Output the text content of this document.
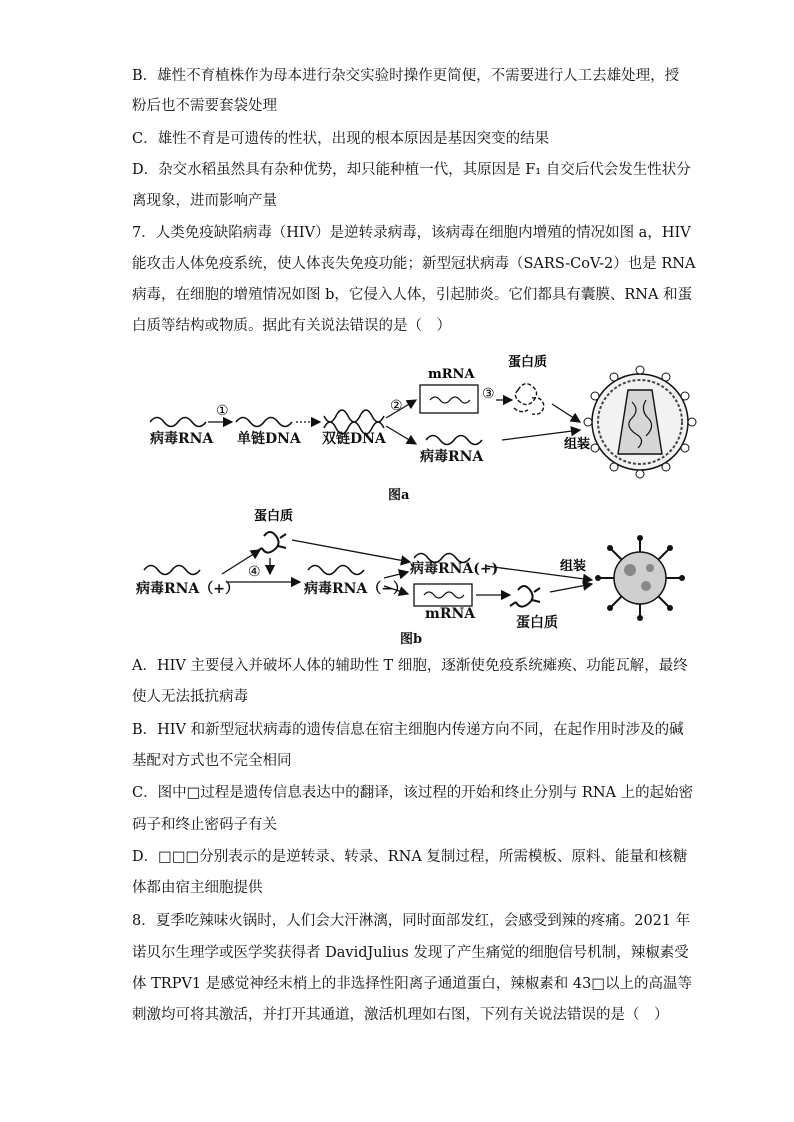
B．雄性不育植株作为母本进行杂交实验时操作更简便，不需要进行人工去雄处理，授
粉后也不需要套袋处理
C．雄性不育是可遗传的性状，出现的根本原因是基因突变的结果
D．杂交水稻虽然具有杂种优势，却只能种植一代，其原因是 F₁ 自交后代会发生性状分
离现象，进而影响产量
7．人类免疫缺陷病毒（HIV）是逆转录病毒，该病毒在细胞内增殖的情况如图 a，HIV
能攻击人体免疫系统，使人体丧失免疫功能；新型冠状病毒（SARS-CoV-2）也是 RNA
病毒，在细胞的增殖情况如图 b，它侵入人体，引起肺炎。它们都具有囊膜、RNA 和蛋
白质等结构或物质。据此有关说法错误的是（　）
①	②
mRNA
③
蛋白质
组装
病毒RNA 单链DNA 双链DNA
病毒RNA
图a
蛋白质
④	组装
病毒RNA（+）	病毒RNA（−）
病毒RNA(+)
mRNA
蛋白质
图b
A．HIV 主要侵入并破坏人体的辅助性 T 细胞，逐渐使免疫系统瘫痪、功能瓦解，最终
使人无法抵抗病毒
B．HIV 和新型冠状病毒的遗传信息在宿主细胞内传递方向不同，在起作用时涉及的碱
基配对方式也不完全相同
C．图中□过程是遗传信息表达中的翻译，该过程的开始和终止分别与 RNA 上的起始密
码子和终止密码子有关
D．□□□分别表示的是逆转录、转录、RNA 复制过程，所需模板、原料、能量和核糖
体都由宿主细胞提供
8．夏季吃辣味火锅时，人们会大汗淋漓，同时面部发红，会感受到辣的疼痛。2021 年
诺贝尔生理学或医学奖获得者 DavidJulius 发现了产生痛觉的细胞信号机制，辣椒素受
体 TRPV1 是感觉神经末梢上的非选择性阳离子通道蛋白，辣椒素和 43□以上的高温等
刺激均可将其激活，并打开其通道，激活机理如右图，下列有关说法错误的是（　）
